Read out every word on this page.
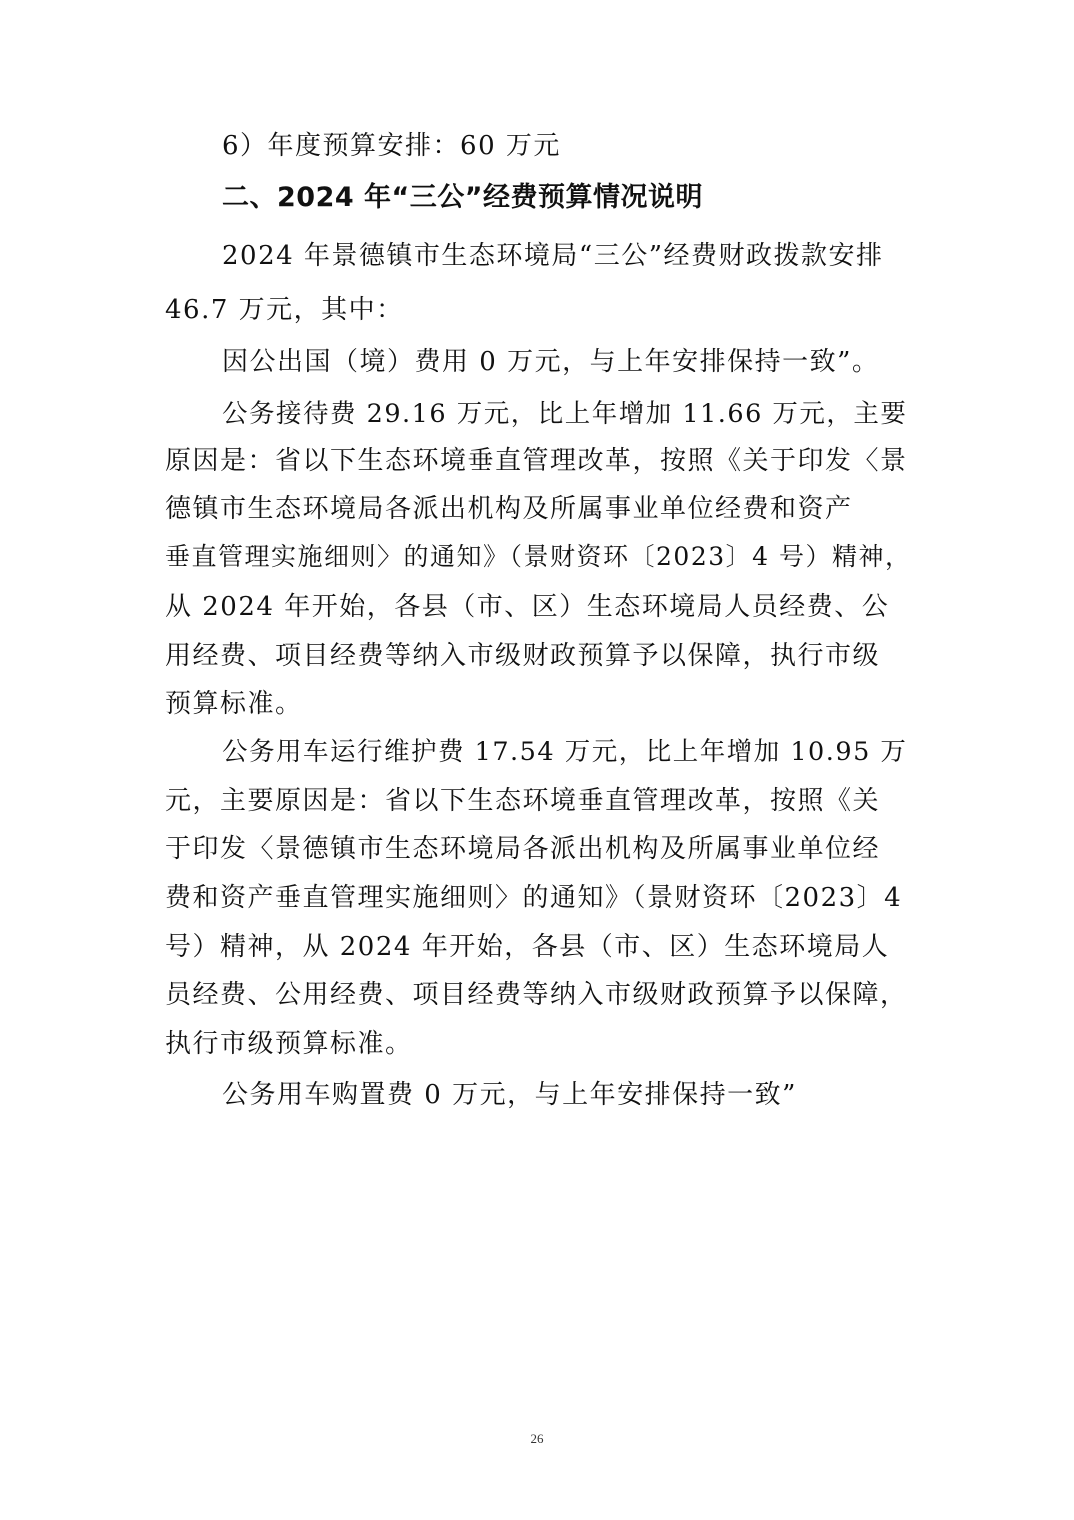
6）年度预算安排：60 万元

二、2024 年“三公”经费预算情况说明

2024 年景德镇市生态环境局“三公”经费财政拨款安排

46.7 万元，其中：

因公出国（境）费用 0 万元，与上年安排保持一致”。

公务接待费 29.16 万元，比上年增加 11.66 万元，主要

原因是：省以下生态环境垂直管理改革，按照《关于印发〈景

德镇市生态环境局各派出机构及所属事业单位经费和资产

垂直管理实施细则〉的通知》（景财资环〔2023〕4 号）精神，

从 2024 年开始，各县（市、区）生态环境局人员经费、公

用经费、项目经费等纳入市级财政预算予以保障，执行市级

预算标准。

公务用车运行维护费 17.54 万元，比上年增加 10.95 万

元，主要原因是：省以下生态环境垂直管理改革，按照《关

于印发〈景德镇市生态环境局各派出机构及所属事业单位经

费和资产垂直管理实施细则〉的通知》（景财资环〔2023〕4

号）精神，从 2024 年开始，各县（市、区）生态环境局人

员经费、公用经费、项目经费等纳入市级财政预算予以保障，

执行市级预算标准。

公务用车购置费 0 万元，与上年安排保持一致”

26
